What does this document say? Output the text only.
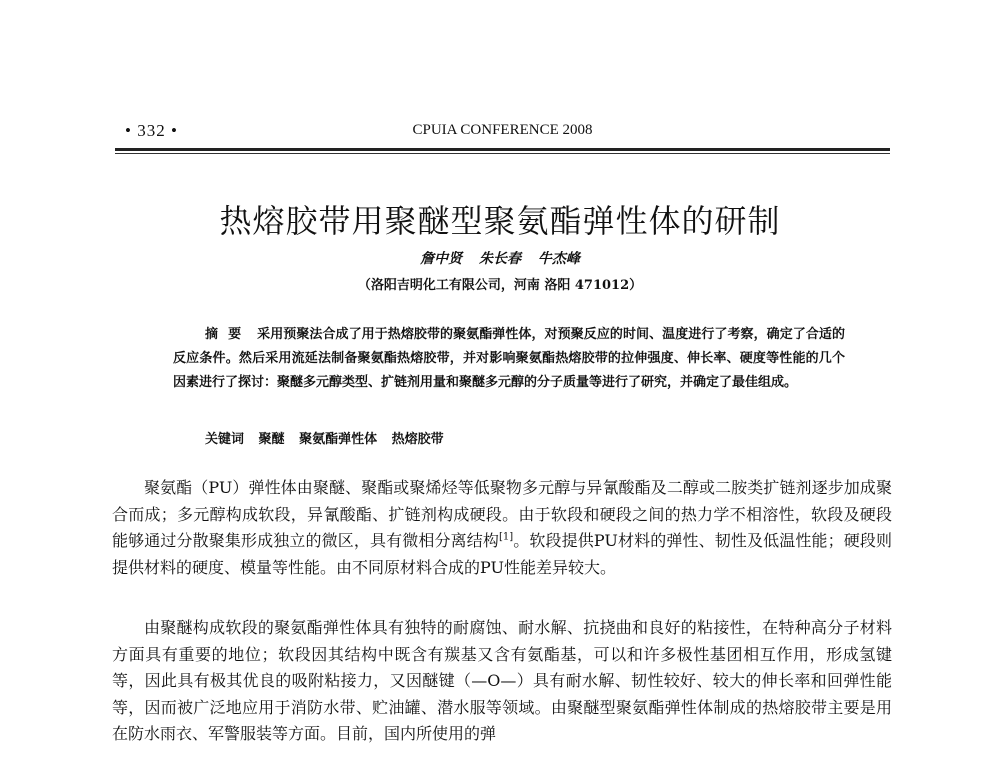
• 332 •	CPUIA CONFERENCE 2008
热熔胶带用聚醚型聚氨酯弹性体的研制
詹中贤 朱长春 牛杰峰
（洛阳吉明化工有限公司，河南 洛阳 471012）

摘要 采用预聚法合成了用于热熔胶带的聚氨酯弹性体，对预聚反应的时间、温度进行了考察，确定了合适的反应条件。然后采用流延法制备聚氨酯热熔胶带，并对影响聚氨酯热熔胶带的拉伸强度、伸长率、硬度等性能的几个因素进行了探讨：聚醚多元醇类型、扩链剂用量和聚醚多元醇的分子质量等进行了研究，并确定了最佳组成。

关键词 聚醚 聚氨酯弹性体 热熔胶带

聚氨酯（PU）弹性体由聚醚、聚酯或聚烯烃等低聚物多元醇与异氰酸酯及二醇或二胺类扩链剂逐步加成聚合而成；多元醇构成软段，异氰酸酯、扩链剂构成硬段。由于软段和硬段之间的热力学不相溶性，软段及硬段能够通过分散聚集形成独立的微区，具有微相分离结构[1]。软段提供PU材料的弹性、韧性及低温性能；硬段则提供材料的硬度、模量等性能。由不同原材料合成的PU性能差异较大。

由聚醚构成软段的聚氨酯弹性体具有独特的耐腐蚀、耐水解、抗挠曲和良好的粘接性，在特种高分子材料方面具有重要的地位；软段因其结构中既含有羰基又含有氨酯基，可以和许多极性基团相互作用，形成氢键等，因此具有极其优良的吸附粘接力，又因醚键（—O—）具有耐水解、韧性较好、较大的伸长率和回弹性能等，因而被广泛地应用于消防水带、贮油罐、潜水服等领域。由聚醚型聚氨酯弹性体制成的热熔胶带主要是用在防水雨衣、军警服装等方面。目前，国内所使用的弹
